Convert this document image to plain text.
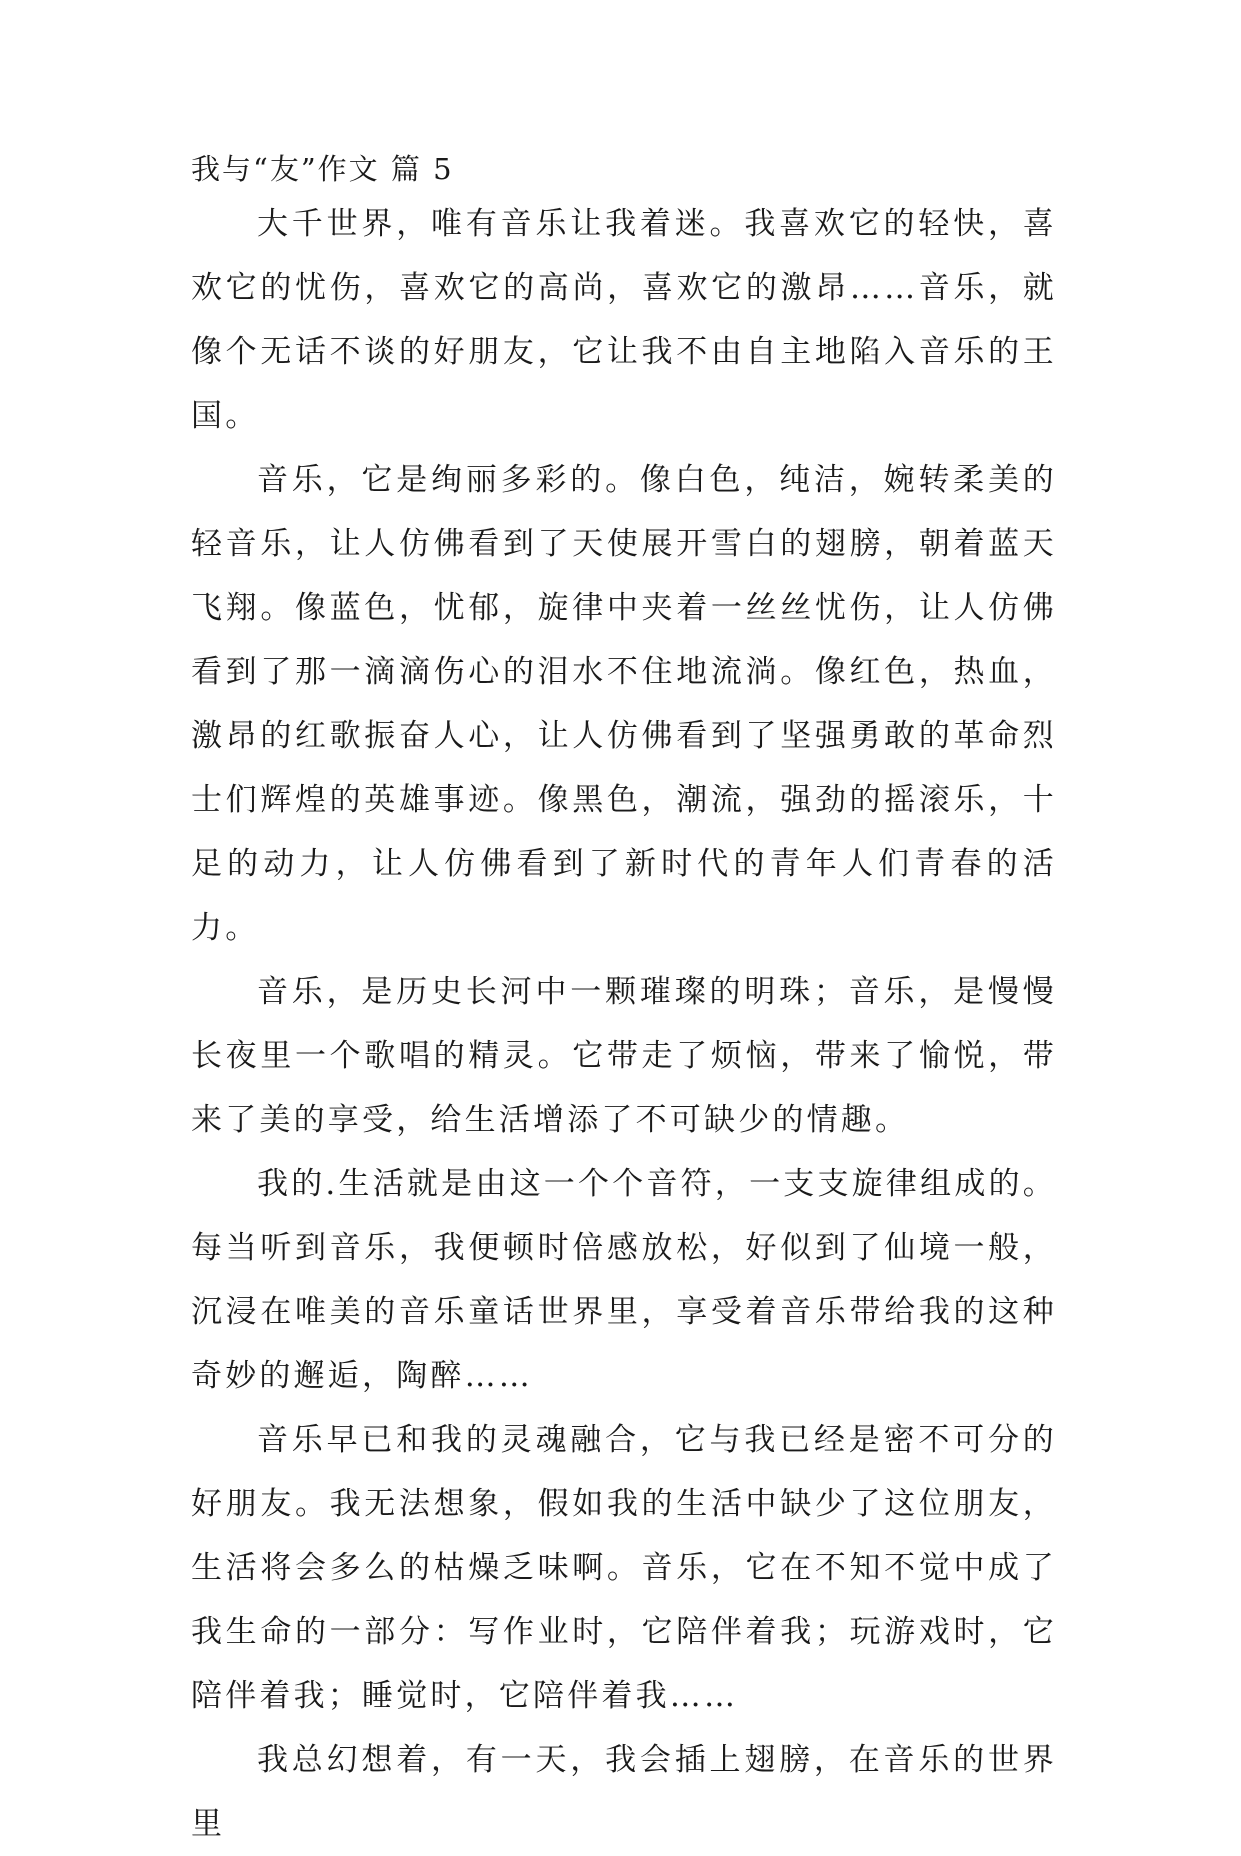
我与“友”作文 篇 5

大千世界，唯有音乐让我着迷。我喜欢它的轻快，喜欢它的忧伤，喜欢它的高尚，喜欢它的激昂……音乐，就像个无话不谈的好朋友，它让我不由自主地陷入音乐的王国。

音乐，它是绚丽多彩的。像白色，纯洁，婉转柔美的轻音乐，让人仿佛看到了天使展开雪白的翅膀，朝着蓝天飞翔。像蓝色，忧郁，旋律中夹着一丝丝忧伤，让人仿佛看到了那一滴滴伤心的泪水不住地流淌。像红色，热血，激昂的红歌振奋人心，让人仿佛看到了坚强勇敢的革命烈士们辉煌的英雄事迹。像黑色，潮流，强劲的摇滚乐，十足的动力，让人仿佛看到了新时代的青年人们青春的活力。

音乐，是历史长河中一颗璀璨的明珠；音乐，是慢慢长夜里一个歌唱的精灵。它带走了烦恼，带来了愉悦，带来了美的享受，给生活增添了不可缺少的情趣。

我的.生活就是由这一个个音符，一支支旋律组成的。每当听到音乐，我便顿时倍感放松，好似到了仙境一般，沉浸在唯美的音乐童话世界里，享受着音乐带给我的这种奇妙的邂逅，陶醉……

音乐早已和我的灵魂融合，它与我已经是密不可分的好朋友。我无法想象，假如我的生活中缺少了这位朋友，生活将会多么的枯燥乏味啊。音乐，它在不知不觉中成了我生命的一部分：写作业时，它陪伴着我；玩游戏时，它陪伴着我；睡觉时，它陪伴着我……

我总幻想着，有一天，我会插上翅膀，在音乐的世界里
